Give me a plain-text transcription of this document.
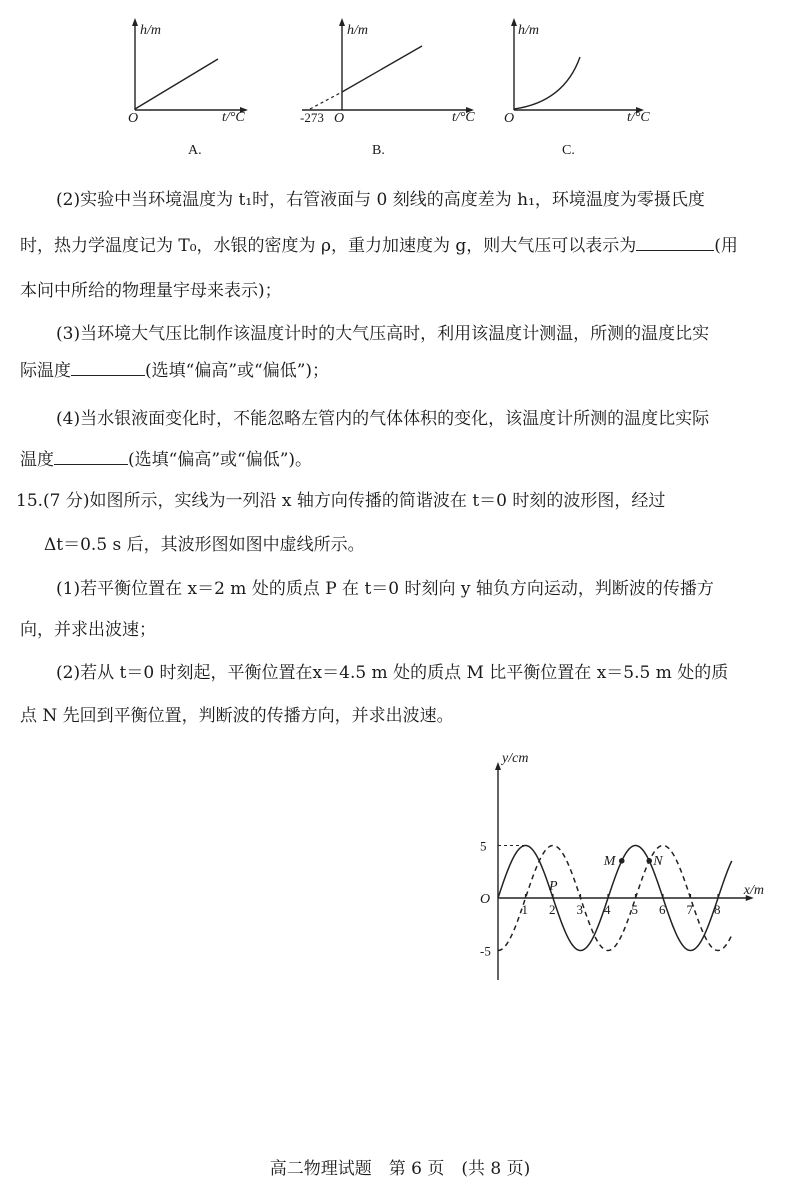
h/m
O	t/°C
A.
h/m
-273 O	t/°C
B.
h/m
O	t/°C
C.
(2)实验中当环境温度为 t₁时，右管液面与 0 刻线的高度差为 h₁，环境温度为零摄氏度
时，热力学温度记为 T₀，水银的密度为 ρ，重力加速度为 g，则大气压可以表示为	(用
本问中所给的物理量宇母来表示)；
(3)当环境大气压比制作该温度计时的大气压高时，利用该温度计测温，所测的温度比实
际温度	(选填“偏高”或“偏低”)；
(4)当水银液面变化时，不能忽略左管内的气体体积的变化，该温度计所测的温度比实际
温度	(选填“偏高”或“偏低”)。
15.(7 分)如图所示，实线为一列沿 x 轴方向传播的简谐波在 t＝0 时刻的波形图，经过
Δt＝0.5 s 后，其波形图如图中虚线所示。
(1)若平衡位置在 x＝2 m 处的质点 P 在 t＝0 时刻向 y 轴负方向运动，判断波的传播方
向，并求出波速；
(2)若从 t＝0 时刻起，平衡位置在x＝4.5 m 处的质点 M 比平衡位置在 x＝5.5 m 处的质
点 N 先回到平衡位置，判断波的传播方向，并求出波速。
y/cm
x/m
O
1 2 3 4 5 6 7 8
5
-5
P
M	N
高二物理试题　第 6 页　(共 8 页)
